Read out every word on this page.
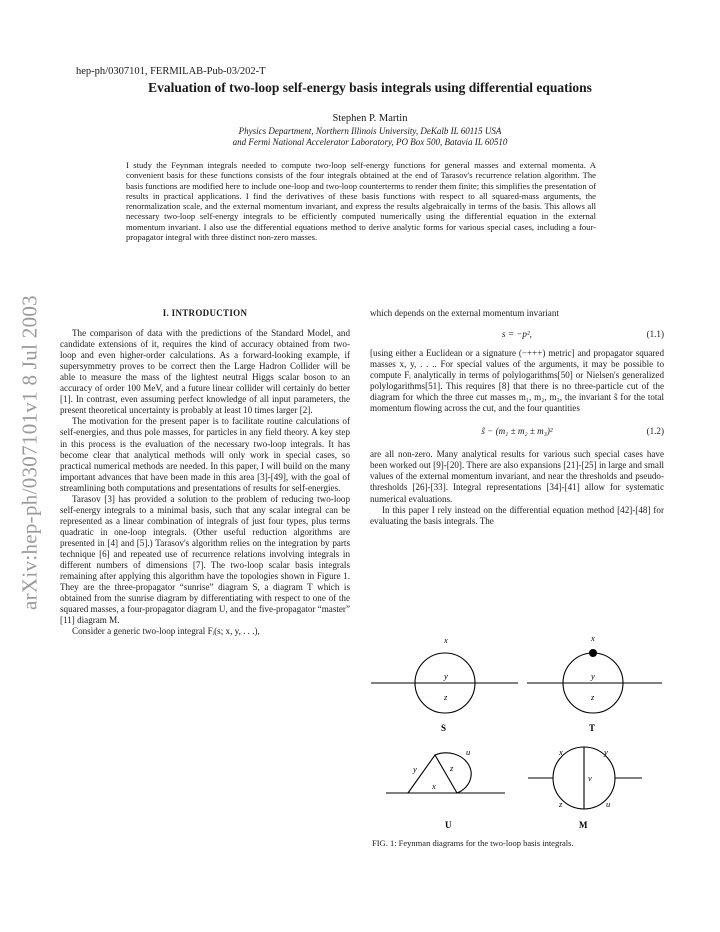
hep-ph/0307101, FERMILAB-Pub-03/202-T
Evaluation of two-loop self-energy basis integrals using differential equations
Stephen P. Martin
Physics Department, Northern Illinois University, DeKalb IL 60115 USA
and Fermi National Accelerator Laboratory, PO Box 500, Batavia IL 60510
I study the Feynman integrals needed to compute two-loop self-energy functions for general masses and external momenta. A convenient basis for these functions consists of the four integrals obtained at the end of Tarasov's recurrence relation algorithm. The basis functions are modified here to include one-loop and two-loop counterterms to render them finite; this simplifies the presentation of results in practical applications. I find the derivatives of these basis functions with respect to all squared-mass arguments, the renormalization scale, and the external momentum invariant, and express the results algebraically in terms of the basis. This allows all necessary two-loop self-energy integrals to be efficiently computed numerically using the differential equation in the external momentum invariant. I also use the differential equations method to derive analytic forms for various special cases, including a four-propagator integral with three distinct non-zero masses.
arXiv:hep-ph/0307101v1 8 Jul 2003	I. INTRODUCTION

The comparison of data with the predictions of the Standard Model, and candidate extensions of it, requires the kind of accuracy obtained from two-loop and even higher-order calculations. As a forward-looking example, if supersymmetry proves to be correct then the Large Hadron Collider will be able to measure the mass of the lightest neutral Higgs scalar boson to an accuracy of order 100 MeV, and a future linear collider will certainly do better [1]. In contrast, even assuming perfect knowledge of all input parameters, the present theoretical uncertainty is probably at least 10 times larger [2].

The motivation for the present paper is to facilitate routine calculations of self-energies, and thus pole masses, for particles in any field theory. A key step in this process is the evaluation of the necessary two-loop integrals. It has become clear that analytical methods will only work in special cases, so practical numerical methods are needed. In this paper, I will build on the many important advances that have been made in this area [3]-[49], with the goal of streamlining both computations and presentations of results for self-energies.

Tarasov [3] has provided a solution to the problem of reducing two-loop self-energy integrals to a minimal basis, such that any scalar integral can be represented as a linear combination of integrals of just four types, plus terms quadratic in one-loop integrals. (Other useful reduction algorithms are presented in [4] and [5].) Tarasov's algorithm relies on the integration by parts technique [6] and repeated use of recurrence relations involving integrals in different numbers of dimensions [7]. The two-loop scalar basis integrals remaining after applying this algorithm have the topologies shown in Figure 1. They are the three-propagator “sunrise” diagram S, a diagram T which is obtained from the sunrise diagram by differentiating with respect to one of the squared masses, a four-propagator diagram U, and the five-propagator “master” [11] diagram M.

Consider a generic two-loop integral Fᵢ(s; x, y, . . .),

which depends on the external momentum invariant

s = −p²,	(1.1)

[using either a Euclidean or a signature (−+++) metric] and propagator squared masses x, y, . . .. For special values of the arguments, it may be possible to compute Fᵢ analytically in terms of polylogarithms[50] or Nielsen's generalized polylogarithms[51]. This requires [8] that there is no three-particle cut of the diagram for which the three cut masses m₁, m₂, m₃, the invariant ŝ for the total momentum flowing across the cut, and the four quantities

ŝ − (m₁ ± m₂ ± m₃)²	(1.2)

are all non-zero. Many analytical results for various such special cases have been worked out [9]-[20]. There are also expansions [21]-[25] in large and small values of the external momentum invariant, and near the thresholds and pseudo-thresholds [26]-[33]. Integral representations [34]-[41] allow for systematic numerical evaluations.

In this paper I rely instead on the differential equation method [42]-[48] for evaluating the basis integrals. The

x
y
z
x
y
z
y
x
z
u	x	y
v
z	u
S	T
U	M
FIG. 1: Feynman diagrams for the two-loop basis integrals.
